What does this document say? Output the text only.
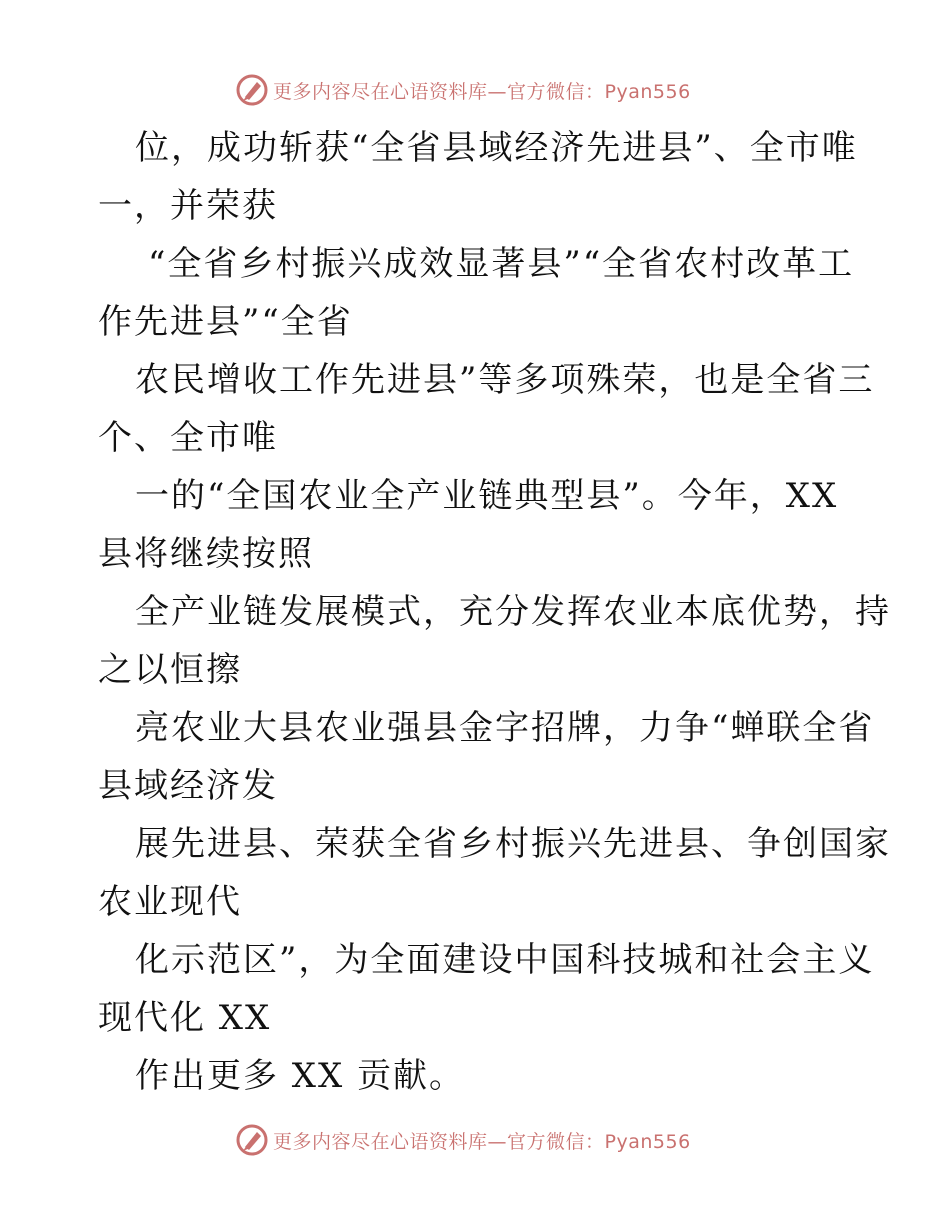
更多内容尽在心语资料库—官方微信：Pyan556
位，成功斩获“全省县域经济先进县”、全市唯
一，并荣获
“全省乡村振兴成效显著县”“全省农村改革工
作先进县”“全省
农民增收工作先进县”等多项殊荣，也是全省三
个、全市唯
一的“全国农业全产业链典型县”。今年，XX
县将继续按照
全产业链发展模式，充分发挥农业本底优势，持
之以恒擦
亮农业大县农业强县金字招牌，力争“蝉联全省
县域经济发
展先进县、荣获全省乡村振兴先进县、争创国家
农业现代
化示范区”，为全面建设中国科技城和社会主义
现代化 XX
作出更多 XX 贡献。
更多内容尽在心语资料库—官方微信：Pyan556
